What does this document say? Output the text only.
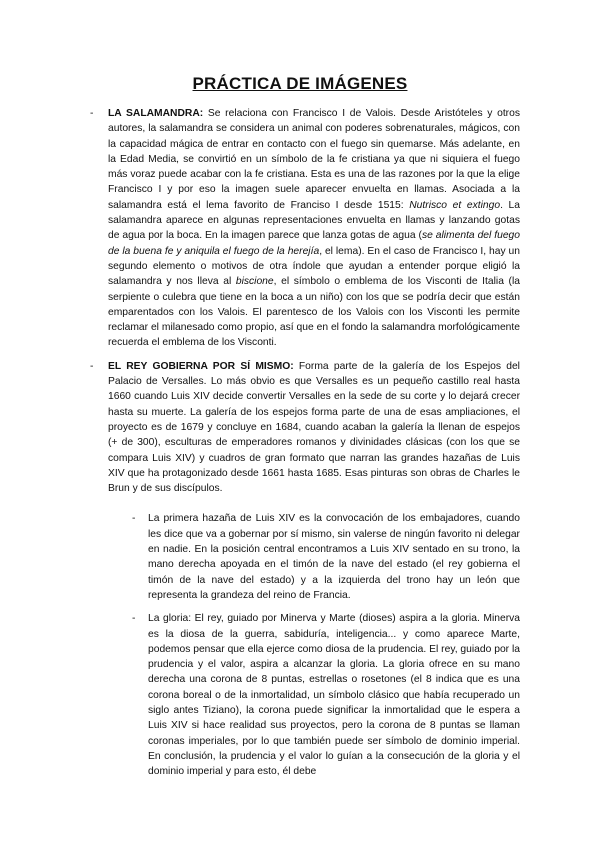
PRÁCTICA DE IMÁGENES
- LA SALAMANDRA: Se relaciona con Francisco I de Valois. Desde Aristóteles y otros autores, la salamandra se considera un animal con poderes sobrenaturales, mágicos, con la capacidad mágica de entrar en contacto con el fuego sin quemarse. Más adelante, en la Edad Media, se convirtió en un símbolo de la fe cristiana ya que ni siquiera el fuego más voraz puede acabar con la fe cristiana. Esta es una de las razones por la que la elige Francisco I y por eso la imagen suele aparecer envuelta en llamas. Asociada a la salamandra está el lema favorito de Franciso I desde 1515: Nutrisco et extingo. La salamandra aparece en algunas representaciones envuelta en llamas y lanzando gotas de agua por la boca. En la imagen parece que lanza gotas de agua (se alimenta del fuego de la buena fe y aniquila el fuego de la herejía, el lema). En el caso de Francisco I, hay un segundo elemento o motivos de otra índole que ayudan a entender porque eligió la salamandra y nos lleva al biscione, el símbolo o emblema de los Visconti de Italia (la serpiente o culebra que tiene en la boca a un niño) con los que se podría decir que están emparentados con los Valois. El parentesco de los Valois con los Visconti les permite reclamar el milanesado como propio, así que en el fondo la salamandra morfológicamente recuerda el emblema de los Visconti.
- EL REY GOBIERNA POR SÍ MISMO: Forma parte de la galería de los Espejos del Palacio de Versalles. Lo más obvio es que Versalles es un pequeño castillo real hasta 1660 cuando Luis XIV decide convertir Versalles en la sede de su corte y lo dejará crecer hasta su muerte. La galería de los espejos forma parte de una de esas ampliaciones, el proyecto es de 1679 y concluye en 1684, cuando acaban la galería la llenan de espejos (+ de 300), esculturas de emperadores romanos y divinidades clásicas (con los que se compara Luis XIV) y cuadros de gran formato que narran las grandes hazañas de Luis XIV que ha protagonizado desde 1661 hasta 1685. Esas pinturas son obras de Charles le Brun y de sus discípulos.
- La primera hazaña de Luis XIV es la convocación de los embajadores, cuando les dice que va a gobernar por sí mismo, sin valerse de ningún favorito ni delegar en nadie. En la posición central encontramos a Luis XIV sentado en su trono, la mano derecha apoyada en el timón de la nave del estado (el rey gobierna el timón de la nave del estado) y a la izquierda del trono hay un león que representa la grandeza del reino de Francia.
- La gloria: El rey, guiado por Minerva y Marte (dioses) aspira a la gloria. Minerva es la diosa de la guerra, sabiduría, inteligencia... y como aparece Marte, podemos pensar que ella ejerce como diosa de la prudencia. El rey, guiado por la prudencia y el valor, aspira a alcanzar la gloria. La gloria ofrece en su mano derecha una corona de 8 puntas, estrellas o rosetones (el 8 indica que es una corona boreal o de la inmortalidad, un símbolo clásico que había recuperado un siglo antes Tiziano), la corona puede significar la inmortalidad que le espera a Luis XIV si hace realidad sus proyectos, pero la corona de 8 puntas se llaman coronas imperiales, por lo que también puede ser símbolo de dominio imperial. En conclusión, la prudencia y el valor lo guían a la consecución de la gloria y el dominio imperial y para esto, él debe
